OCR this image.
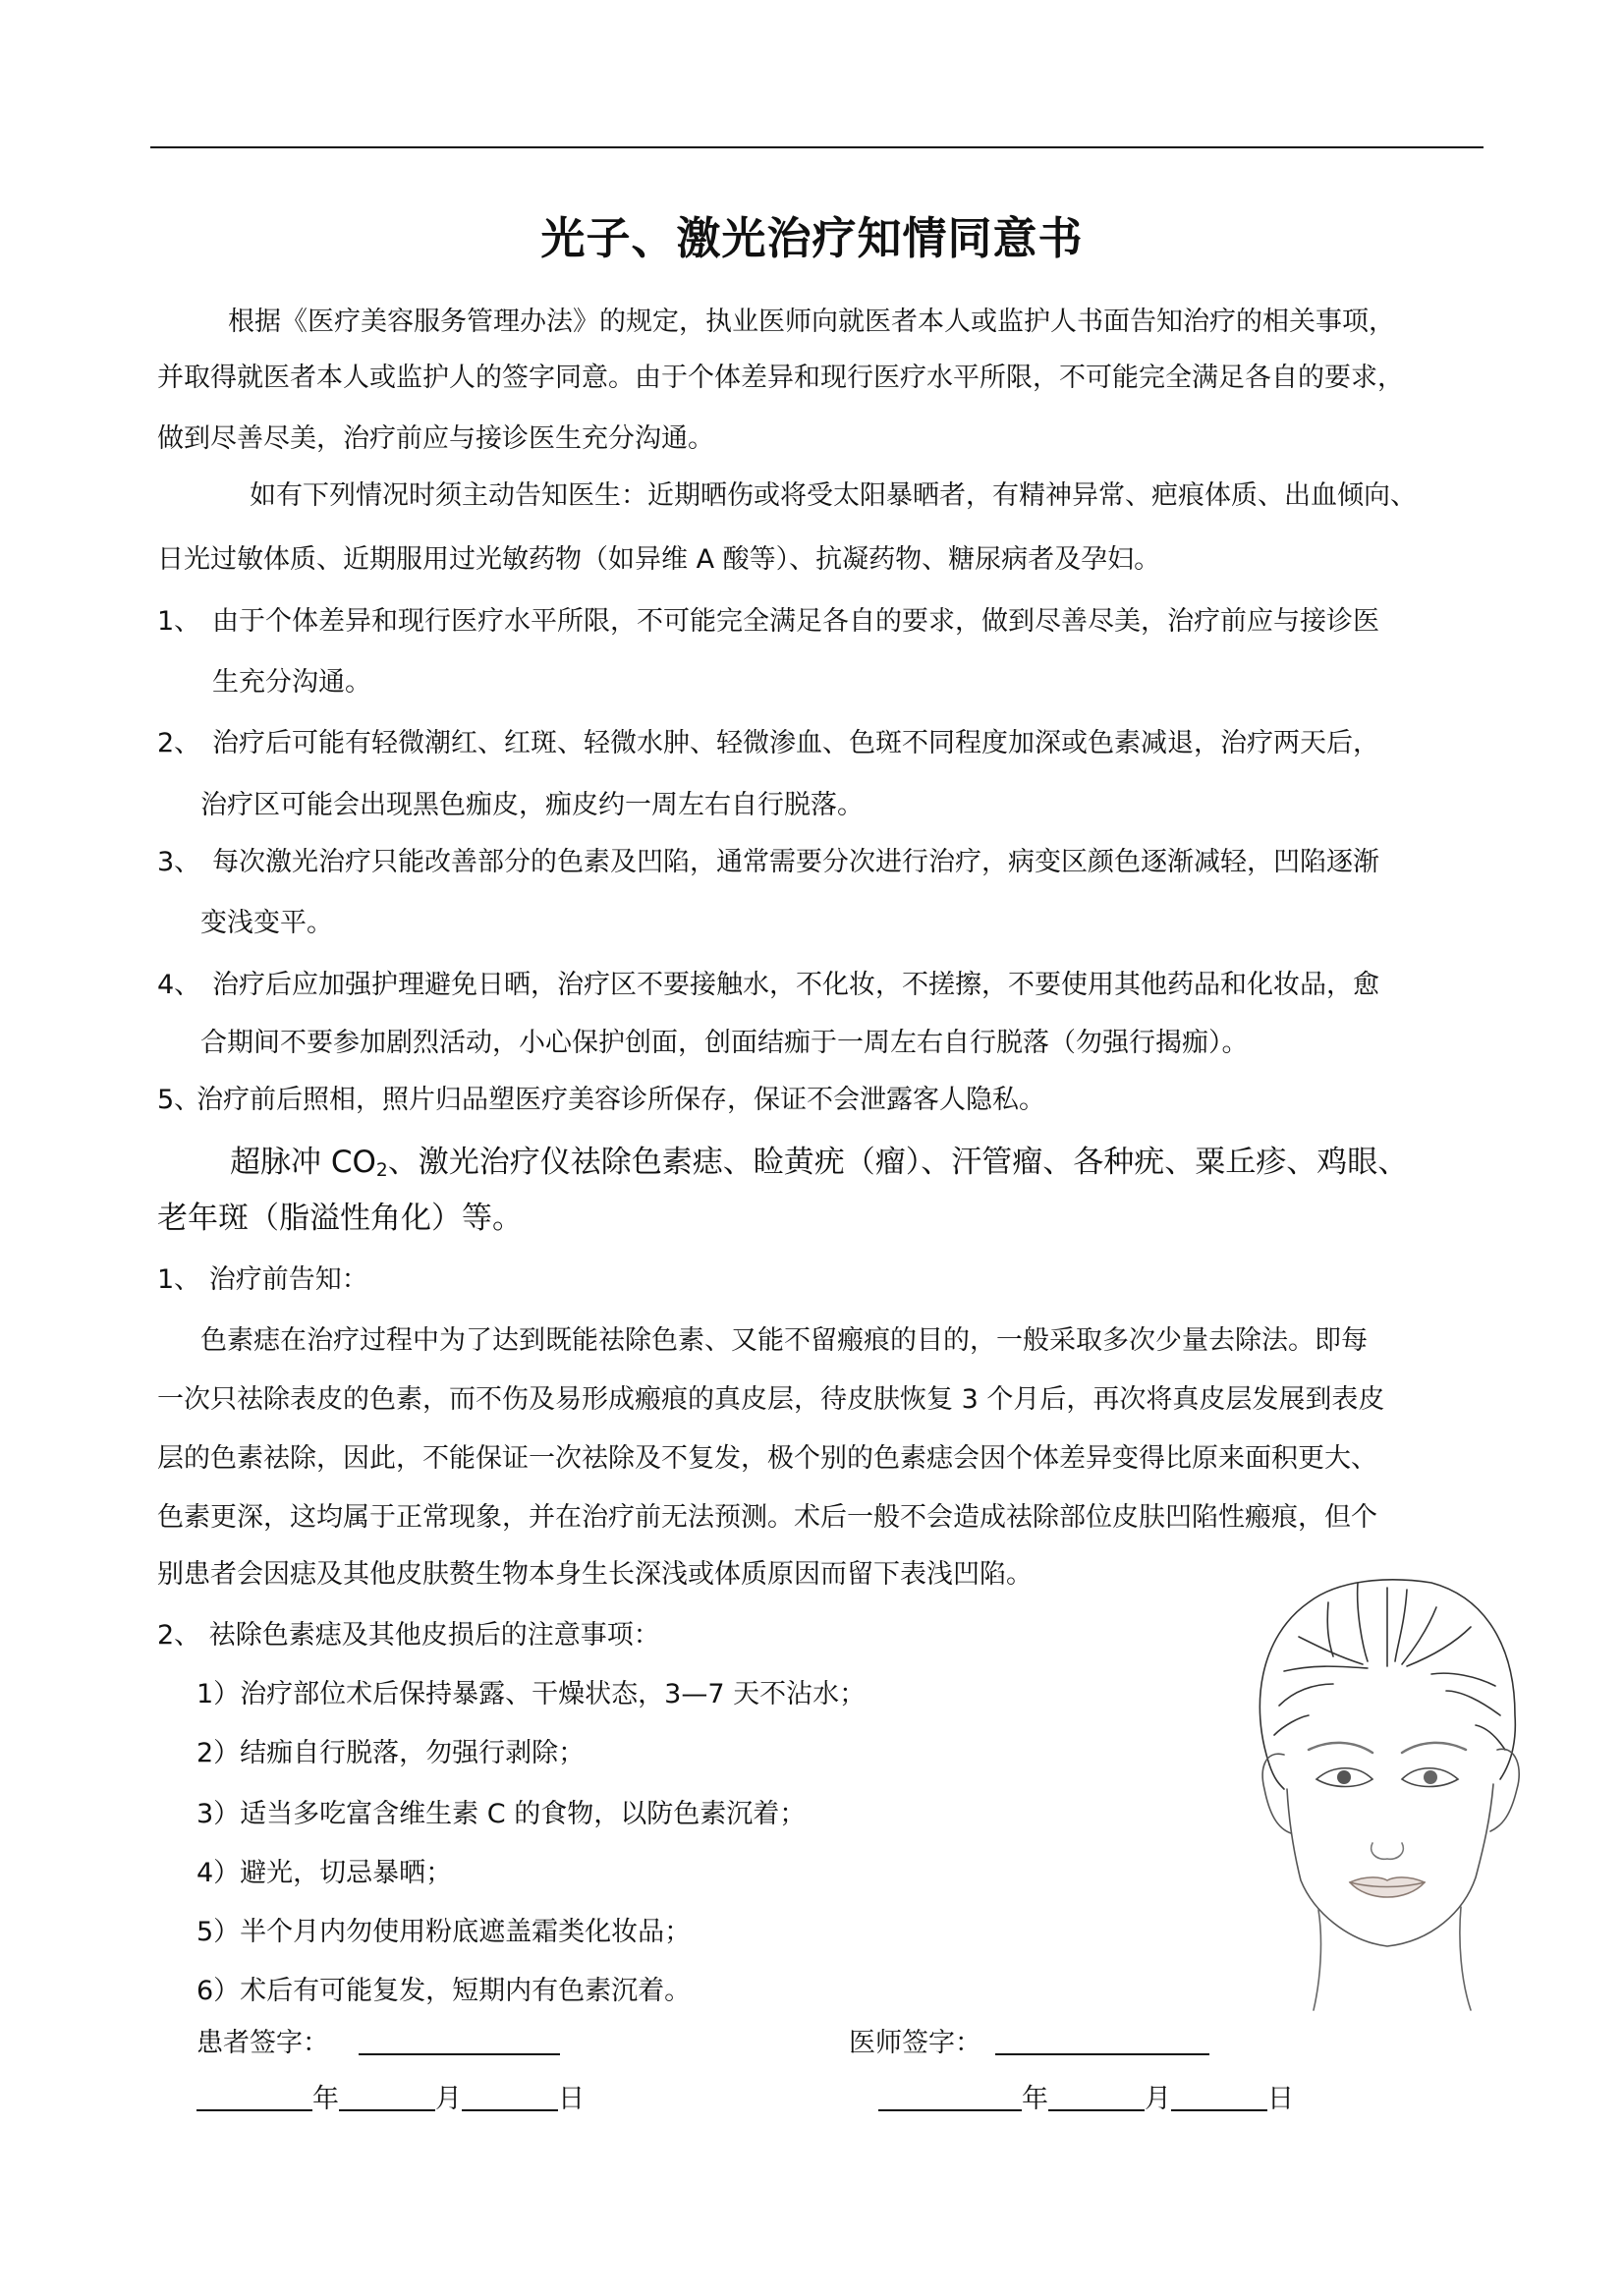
光子、激光治疗知情同意书
根据《医疗美容服务管理办法》的规定，执业医师向就医者本人或监护人书面告知治疗的相关事项，
并取得就医者本人或监护人的签字同意。由于个体差异和现行医疗水平所限，不可能完全满足各自的要求，
做到尽善尽美，治疗前应与接诊医生充分沟通。
如有下列情况时须主动告知医生：近期晒伤或将受太阳暴晒者，有精神异常、疤痕体质、出血倾向、
日光过敏体质、近期服用过光敏药物（如异维 A 酸等）、抗凝药物、糖尿病者及孕妇。
1、 由于个体差异和现行医疗水平所限，不可能完全满足各自的要求，做到尽善尽美，治疗前应与接诊医
生充分沟通。
2、 治疗后可能有轻微潮红、红斑、轻微水肿、轻微渗血、色斑不同程度加深或色素减退，治疗两天后，
治疗区可能会出现黑色痂皮，痂皮约一周左右自行脱落。
3、 每次激光治疗只能改善部分的色素及凹陷，通常需要分次进行治疗，病变区颜色逐渐减轻，凹陷逐渐
变浅变平。
4、 治疗后应加强护理避免日晒，治疗区不要接触水，不化妆，不搓擦，不要使用其他药品和化妆品，愈
合期间不要参加剧烈活动，小心保护创面，创面结痂于一周左右自行脱落（勿强行揭痂）。
5、
治疗前后照相，照片归品塑医疗美容诊所保存，保证不会泄露客人隐私。
超脉冲 $CO_2$、激光治疗仪祛除色素痣、睑黄疣（瘤）、汗管瘤、各种疣、粟丘疹、鸡眼、
老年斑（脂溢性角化）等。
1、 治疗前告知：
色素痣在治疗过程中为了达到既能祛除色素、又能不留瘢痕的目的，一般采取多次少量去除法。即每
一次只祛除表皮的色素，而不伤及易形成瘢痕的真皮层，待皮肤恢复 3 个月后，再次将真皮层发展到表皮
层的色素祛除，因此，不能保证一次祛除及不复发，极个别的色素痣会因个体差异变得比原来面积更大、
色素更深，这均属于正常现象，并在治疗前无法预测。术后一般不会造成祛除部位皮肤凹陷性瘢痕，但个
别患者会因痣及其他皮肤赘生物本身生长深浅或体质原因而留下表浅凹陷。
2、 祛除色素痣及其他皮损后的注意事项：
1）治疗部位术后保持暴露、干燥状态，3—7 天不沾水；
2）结痂自行脱落，勿强行剥除；
3）适当多吃富含维生素 C 的食物，以防色素沉着；
4）避光，切忌暴晒；
5）半个月内勿使用粉底遮盖霜类化妆品；
6）术后有可能复发，短期内有色素沉着。
患者签字：	医师签字：
年	月	日	年	月	日
